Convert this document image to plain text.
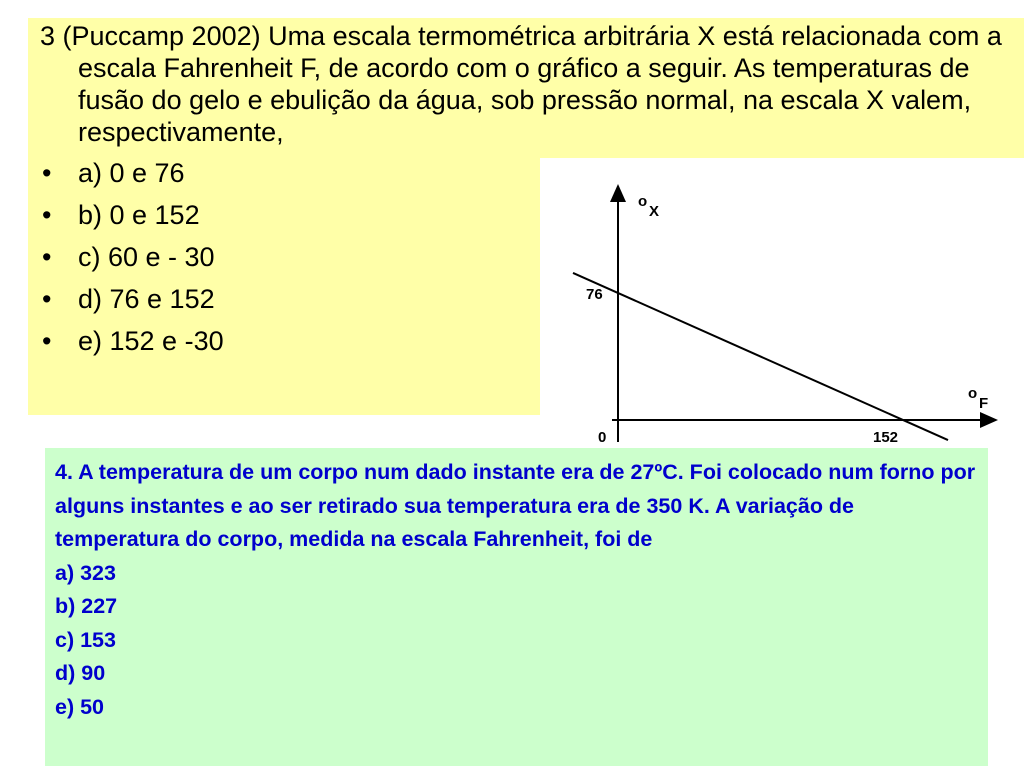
3 (Puccamp 2002) Uma escala termométrica arbitrária X está relacionada com a escala Fahrenheit F, de acordo com o gráfico a seguir. As temperaturas de fusão do gelo e ebulição da água, sob pressão normal, na escala X valem, respectivamente,

• a) 0 e 76
• b) 0 e 152
• c) 60 e - 30
• d) 76 e 152
• e) 152 e -30
o
X
o
F
0
76
152

4. A temperatura de um corpo num dado instante era de 27ºC. Foi colocado num forno por alguns instantes e ao ser retirado sua temperatura era de 350 K. A variação de temperatura do corpo, medida na escala Fahrenheit, foi de

a) 323
b) 227
c) 153
d) 90
e) 50
